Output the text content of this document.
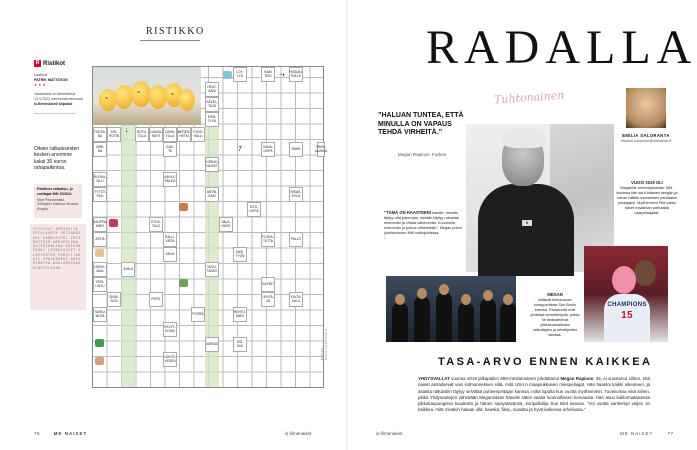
RISTIKKO
R Ristikot
Laatinut
PATRIK MATTSSON
★★★
Vastaukset on lähetettävä 13.4.2022 mennessä verkossa is.fi/menaiset/ kilpailut
Oikein ratkaisseiden kesken arvomme kaksi 30 euron rahapalkintoa.
Ristikon ratkaisu- je voittajat MN 9/2022:
Virpi Raumoniski, Somijärvi Katriina Sirvanti, Kuopio
TUTKIVAT KURINOLIK ESIALKUSTR ORIVARSIHEL KANALEIPÄT IRTORATTAIR AMEOPELIHA ALISEINÄLIKÄ VAIVONTUOKI LEIKKIALUET OLÄVIESTIM OSKOLIINKATI EMÄLESAKKI AKEIKIMATKA ANALOKAISAS ELMSTOLIVAN
HELE-ÄÄNI
LÖY-LYÄ
KAIN TEKI
HOIDAN-PULLE
SÄVEL-TÄJÄ
ESIN-TYVÄ
➝
TULVIA-NA
KIR-ROTIN
↓	ROTU-TILLA
LUKKIA-NEITI
LÄIVA-TILLA
MEREN-HETKI
TOIVE-HALLI
VÄRI-NA
KAN-TA	7	KANA-LEIPÄ	RAHA	PAPA-LAUKKA
KORKKI-NAISET
RUOKA-VILLI
KAHLE-PAKKO
TYTTÖ-PUU
ANTIN-KÄSI
RIKAS-KYLÄ
KOTI-LEIPÄ
KAUPPA-MIES
ETUS-TALO
VALA-HÄVE
ASTIA	RALLI-VIRTA
FLORA-TUTTA	PALLO
VAIVA	KÄSI-TYÖN
LEIKKI-MAA	JUHLA	SIIVU-TANKO
VESI-LINTU	KÄYNTI
SIINÄ-SUVI	PISTE	LENTÄ-VÄ
KULTA-KALA
TASKU-MUTA	PYÖRÄ	RENTO-MIES
KEVYT-KOSKI
VARVAS	ISO-KIVI
LÄHTÖ-VEDEN
76	ME NAISET	is.fi/menaiset
KUVAT SHUTTERSTOCK
RADALLA
”HALUAN TUNTEA, ETTÄ MINULLA ON VAPAUS TEHDÄ VIRHEITÄ.”
Megan Rapinoe, Forbes
Tuhtonainen
N
”TÄMÄ ON HAASTEENI kaikille: meidän täytyy olla parempia, meidän täytyy rakastaa enemmän ja vihata vähemmän. Kuunnella enemmän ja puhua vähemmän”, Megan puhui juuhlavuoden MM-voittojuhlassa.
↓
EMILIA SALORANTA
etunimi.sukunimi@menaiset.fi
VUOSI 2019 OLI
Meganille menestyksekäs. MM-kisoissa hän sai Kultaisen kengän ja hänet valittiin turnauksen parhaaksi pelaajaksi. Myöhemmin Fifa valitsi hänet maailman parhaaksi naispelaajaksi.
MEGAN
kiiltävät tiedotusvan kumppaniinsa Sue Birdin kanssa. Pariskunta ovat yhdessä somettelijoita, joissa he tiedustelevat yhteiskunnallisten vaikuttajien ja urheilijoiden kanssa.
CHAMPIONS
15
TASA-ARVO ENNEN KAIKKEA
YHDYSVALLAT vuonna 2019 jalkapallon MM-mestaruuteen johdattanut Megan Rapinoe, 35, ei suostunut siihen, että naiset ansaitsevat vain kolmanneksen siitä, mitä USA:n maajoukkueen miespelaajat. Hän haastoi kaikki oikeuteen, ja asiasta ratkaistiin täytyy selvittää puheenjohtajan kanssa, mikä lopulta kun vuotta myöhemmin. Tuomioissa eikä siihen, pitikö Yhdysvaltojen vähintään Meganistaan hänelle sitten vaatia luonnolliseen korvausta. Hän asuu kalifornialaisessa pikkukaupungissa kuudenta ja hänen naisystävänsä, koripalloilija Sue Bird kanssa. ”Voi vuotta vanhempi veljen on kaikkea, mitä minäkin haluan olla: hauska, fiksu, suosittu ja hyvä kaikessa urheilussa.”
is.fi/menaiset	ME NAISET	77
